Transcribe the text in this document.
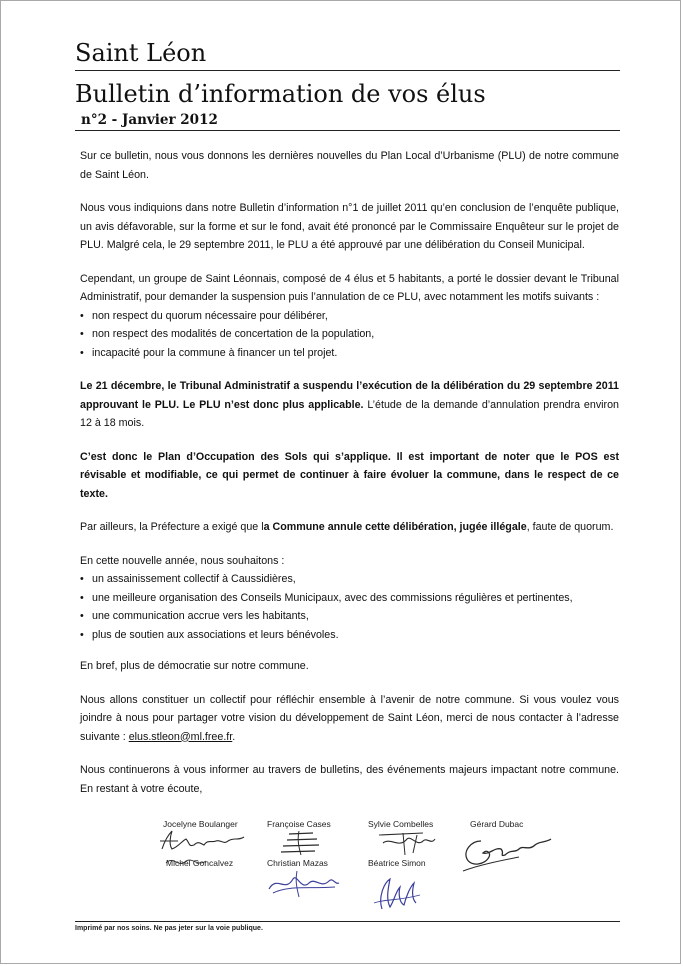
Saint Léon
Bulletin d’information de vos élus
n°2 - Janvier 2012

Sur ce bulletin, nous vous donnons les dernières nouvelles du Plan Local d’Urbanisme (PLU) de notre commune de Saint Léon.

Nous vous indiquions dans notre Bulletin d’information n°1 de juillet 2011 qu’en conclusion de l’enquête publique, un avis défavorable, sur la forme et sur le fond, avait été prononcé par le Commissaire Enquêteur sur le projet de PLU. Malgré cela, le 29 septembre 2011, le PLU a été approuvé par une délibération du Conseil Municipal.

Cependant, un groupe de Saint Léonnais, composé de 4 élus et 5 habitants, a porté le dossier devant le Tribunal Administratif, pour demander la suspension puis l’annulation de ce PLU, avec notamment les motifs suivants :

• non respect du quorum nécessaire pour délibérer,
• non respect des modalités de concertation de la population,
• incapacité pour la commune à financer un tel projet.

Le 21 décembre, le Tribunal Administratif a suspendu l’exécution de la délibération du 29 septembre 2011 approuvant le PLU. Le PLU n’est donc plus applicable. L’étude de la demande d’annulation prendra environ 12 à 18 mois.

C’est donc le Plan d’Occupation des Sols qui s’applique. Il est important de noter que le POS est révisable et modifiable, ce qui permet de continuer à faire évoluer la commune, dans le respect de ce texte.

Par ailleurs, la Préfecture a exigé que la Commune annule cette délibération, jugée illégale, faute de quorum.

En cette nouvelle année, nous souhaitons :

• un assainissement collectif à Caussidières,
• une meilleure organisation des Conseils Municipaux, avec des commissions régulières et pertinentes,
• une communication accrue vers les habitants,
• plus de soutien aux associations et leurs bénévoles.

En bref, plus de démocratie sur notre commune.

Nous allons constituer un collectif pour réfléchir ensemble à l’avenir de notre commune. Si vous voulez vous joindre à nous pour partager votre vision du développement de Saint Léon, merci de nous contacter à l’adresse suivante : elus.stleon@ml.free.fr.

Nous continuerons à vous informer au travers de bulletins, des événements majeurs impactant notre commune. En restant à votre écoute,

Jocelyne Boulanger	Françoise Cases	Sylvie Combelles	Gérard Dubac
Michel Goncalvez	Christian Mazas	Béatrice Simon
Imprimé par nos soins. Ne pas jeter sur la voie publique.
